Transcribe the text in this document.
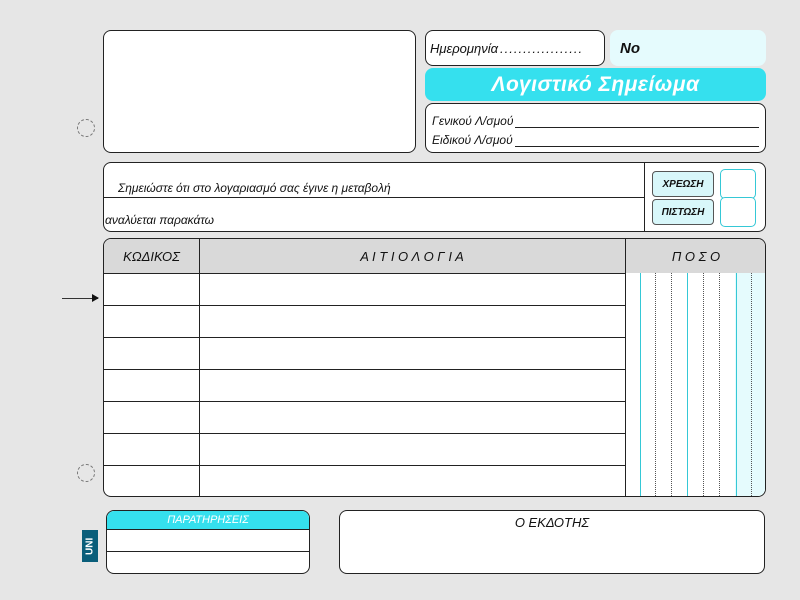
Ημερομηνία .................. No
Λογιστικό Σημείωμα
Γενικού Λ/σμού
Ειδικού Λ/σμού
Σημειώστε ότι στο λογαριασμό σας έγινε η μεταβολή
αναλύεται παρακάτω
ΧΡΕΩΣΗ
ΠΙΣΤΩΣΗ
ΚΩΔΙΚΟΣ	Α Ι Τ Ι Ο Λ Ο Γ Ι Α	Π Ο Σ Ο
ΠΑΡΑΤΗΡΗΣΕΙΣ	Ο ΕΚΔΟΤΗΣ
UNI
